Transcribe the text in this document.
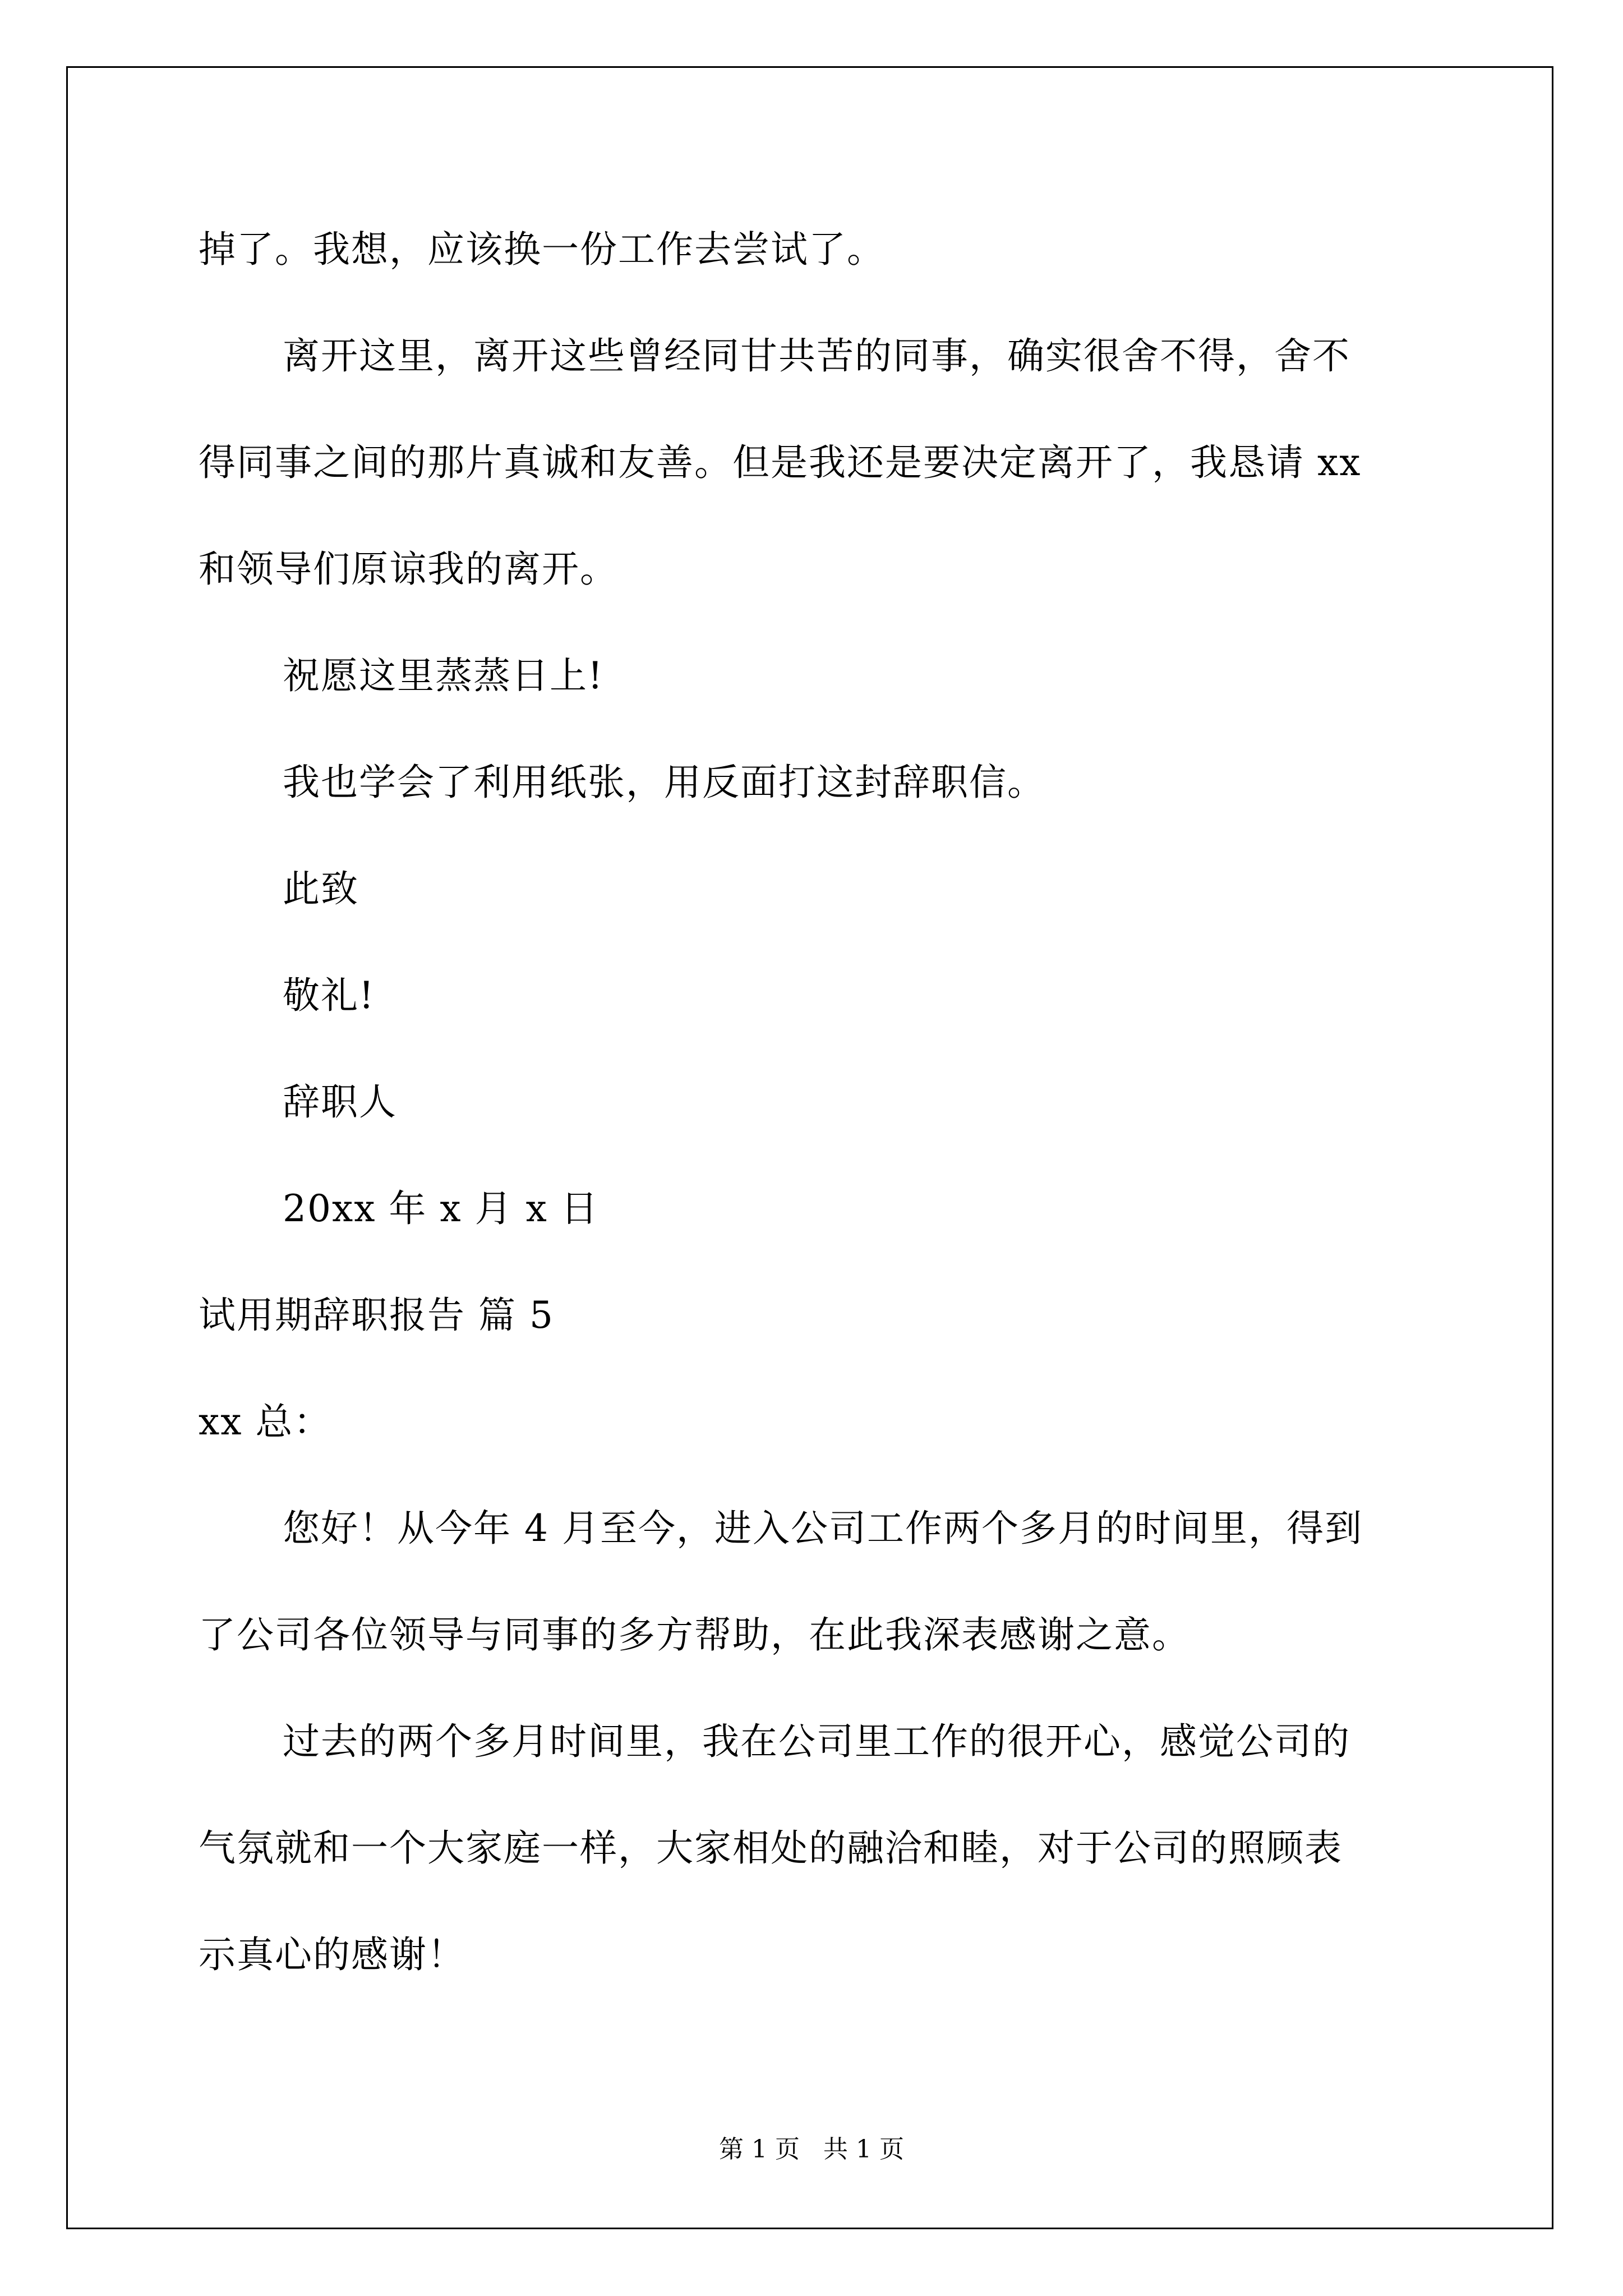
掉了。我想，应该换一份工作去尝试了。
离开这里，离开这些曾经同甘共苦的同事，确实很舍不得，舍不
得同事之间的那片真诚和友善。但是我还是要决定离开了，我恳请 xx
和领导们原谅我的离开。
祝愿这里蒸蒸日上!
我也学会了利用纸张，用反面打这封辞职信。
此致
敬礼!
辞职人
20xx 年 x 月 x 日
试用期辞职报告 篇 5
xx 总：
您好！从今年 4 月至今，进入公司工作两个多月的时间里，得到
了公司各位领导与同事的多方帮助，在此我深表感谢之意。
过去的两个多月时间里，我在公司里工作的很开心，感觉公司的
气氛就和一个大家庭一样，大家相处的融洽和睦，对于公司的照顾表
示真心的感谢！
第 1 页   共 1 页
